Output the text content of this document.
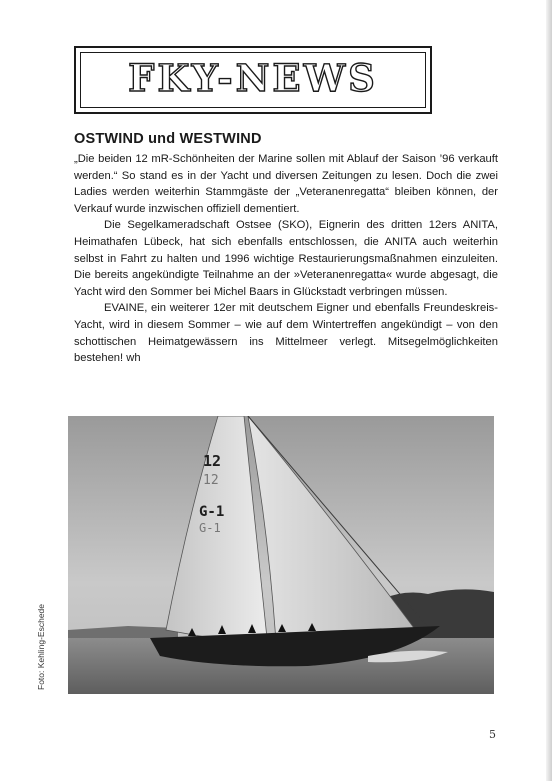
FKY-NEWS
OSTWIND und WESTWIND

„Die beiden 12 mR-Schönheiten der Marine sollen mit Ablauf der Saison ’96 verkauft werden.“ So stand es in der Yacht und diversen Zeitungen zu lesen. Doch die zwei Ladies werden weiterhin Stammgäste der „Veteranenregatta“ bleiben können, der Verkauf wurde inzwischen offiziell dementiert.

Die Segelkameradschaft Ostsee (SKO), Eignerin des dritten 12ers ANITA, Heimathafen Lübeck, hat sich ebenfalls entschlossen, die ANITA auch weiterhin selbst in Fahrt zu halten und 1996 wichtige Restaurierungsmaßnahmen einzuleiten. Die bereits angekündigte Teilnahme an der »Veteranenregatta« wurde abgesagt, die Yacht wird den Sommer bei Michel Baars in Glückstadt verbringen müssen.

EVAINE, ein weiterer 12er mit deutschem Eigner und ebenfalls Freundeskreis-Yacht, wird in diesem Sommer – wie auf dem Wintertreffen angekündigt – von den schottischen Heimatgewässern ins Mittelmeer verlegt. Mitsegelmöglichkeiten bestehen! wh

12
12
G-1
G-1
Foto: Kehling-Eschede
5
